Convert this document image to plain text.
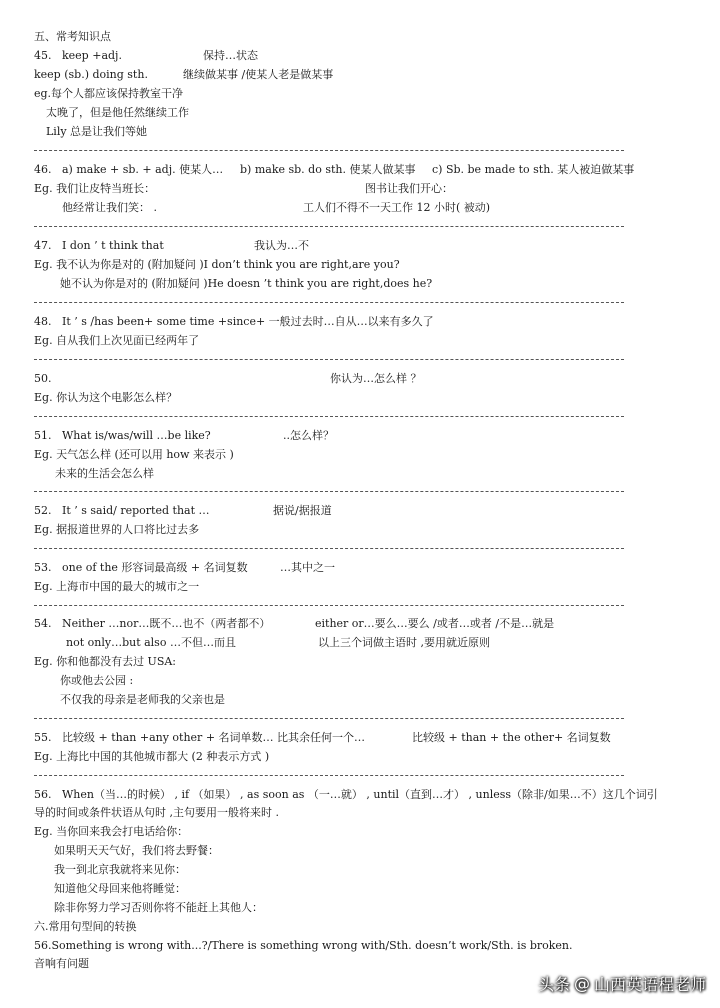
五、常考知识点
45. keep +adj.	保持…状态
keep (sb.) doing sth.	继续做某事 /使某人老是做某事
eg.每个人都应该保持教室干净
太晚了，但是他任然继续工作
Lily 总是让我们等她
46. a) make + sb. + adj. 使某人… b) make sb. do sth. 使某人做某事 c) Sb. be made to sth. 某人被迫做某事
Eg. 我们让皮特当班长：	图书让我们开心：
他经常让我们笑： .	工人们不得不一天工作 12 小时( 被动)
47. I don ’ t think that	我认为…不
Eg. 我不认为你是对的 (附加疑问 )I don’t think you are right,are you?
她不认为你是对的 (附加疑问 )He doesn ’t think you are right,does he?
48. It ’ s /has been+ some time +since+ 一般过去时…自从…以来有多久了
Eg. 自从我们上次见面已经两年了
50.	你认为…怎么样 ？
Eg. 你认为这个电影怎么样？
51. What is/was/will …be like?	..怎么样？
Eg. 天气怎么样 (还可以用 how 来表示 )
未来的生活会怎么样
52. It ’ s said/ reported that …	据说/据报道
Eg. 据报道世界的人口将比过去多
53. one of the 形容词最高级 + 名词复数	…其中之一
Eg. 上海市中国的最大的城市之一
54. Neither …nor…既不…也不（两者都不）	either or…要么…要么 /或者…或者 /不是…就是
not only…but also …不但…而且	以上三个词做主语时 ,要用就近原则
Eg. 你和他都没有去过 USA:
你或他去公园 :
不仅我的母亲是老师我的父亲也是
55. 比较级 + than +any other + 名词单数… 比其余任何一个…	比较级 + than + the other+ 名词复数
Eg. 上海比中国的其他城市都大 (2 种表示方式 )
56. When（当…的时候） , if （如果） , as soon as （一…就） , until（直到…才） , unless（除非/如果…不）这几个词引
导的时间或条件状语从句时 ,主句要用一般将来时 .
Eg. 当你回来我会打电话给你：
如果明天天气好，我们将去野餐：
我一到北京我就将来见你：
知道他父母回来他将睡觉：
除非你努力学习否则你将不能赶上其他人：
六.常用句型间的转换
56.Something is wrong with...?/There is something wrong with/Sth. doesn’t work/Sth. is broken.
音响有问题
头条 @ 山西英语程老师
